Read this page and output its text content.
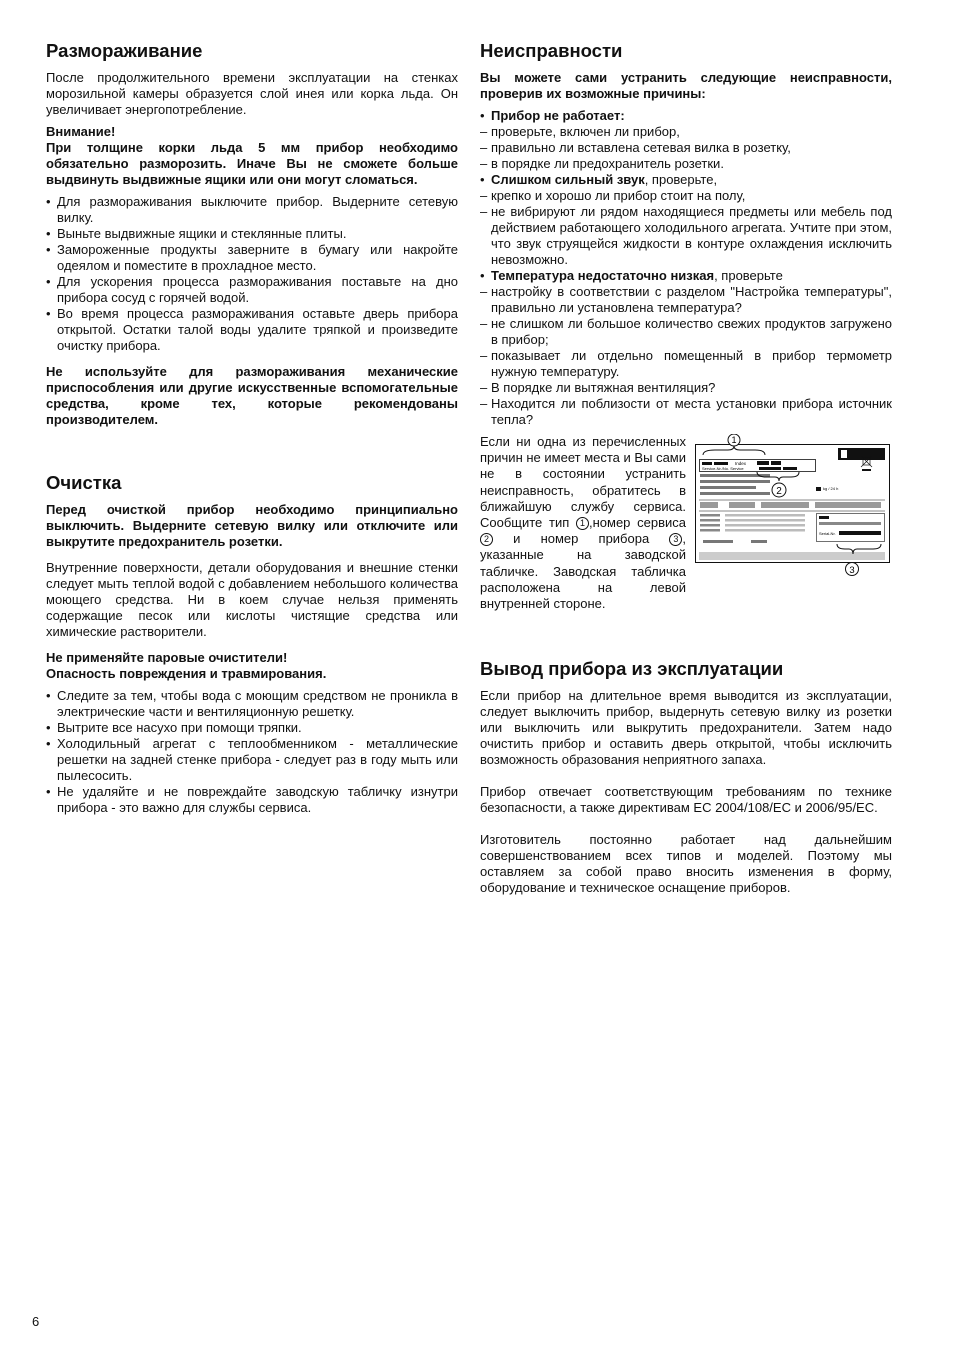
Размораживание

После продолжительного времени эксплуатации на стенках морозильной камеры образуется слой инея или корка льда. Он увеличивает энергопотребление.

Внимание!

При толщине корки льда 5 мм прибор необходимо обязательно разморозить. Иначе Вы не сможете больше выдвинуть выдвижные ящики или они могут сломаться.

• Для размораживания выключите прибор. Выдерните сетевую вилку.
• Выньте выдвижные ящики и стеклянные плиты.
• Замороженные продукты заверните в бумагу или накройте одеялом и поместите в прохладное место.
• Для ускорения процесса размораживания поставьте на дно прибора сосуд с горячей водой.
• Во время процесса размораживания оставьте дверь прибора открытой. Остатки талой воды удалите тряпкой и произведите очистку прибора.

Не используйте для размораживания механические приспособления или другие искусственные вспомогательные средства, кроме тех, которые рекомендованы производителем.

Очистка

Перед очисткой прибор необходимо принципиально выключить. Выдерните сетевую вилку или отключите или выкрутите предохранитель розетки.

Внутренние поверхности, детали оборудования и внешние стенки следует мыть теплой водой с добавлением небольшого количества моющего средства. Ни в коем случае нельзя применять содержащие песок или кислоты чистящие средства или химические растворители.

Не применяйте паровые очистители!

Опасность повреждения и травмирования.

• Следите за тем, чтобы вода с моющим средством не проникла в электрические части и вентиляционную решетку.
• Вытрите все насухо при помощи тряпки.
• Холодильный агрегат с теплообменником - металлические решетки на задней стенке прибора - следует раз в году мыть или пылесосить.
• Не удаляйте и не повреждайте заводскую табличку изнутри прибора - это важно для службы сервиса.
Неисправности

Вы можете сами устранить следующие неисправности, проверив их возможные причины:

• Прибор не работает:
– проверьте, включен ли прибор,
– правильно ли вставлена сетевая вилка в розетку,
– в порядке ли предохранитель розетки.
• Слишком сильный звук, проверьте,
– крепко и хорошо ли прибор стоит на полу,
– не вибрируют ли рядом находящиеся предметы или мебель под действием работающего холодильного агрегата. Учтите при этом, что звук струящейся жидкости в контуре охлаждения исключить невозможно.
• Температура недостаточно низкая, проверьте
– настройку в соответствии с разделом "Настройка температуры", правильно ли установлена температура?
– не слишком ли большое количество свежих продуктов загружено в прибор;
– показывает ли отдельно помещенный в прибор термометр нужную температуру.
– В порядке ли вытяжная вентиляция?
– Находится ли поблизости от места установки прибора источник тепла?
Если ни одна из перечисленных причин не имеет места и Вы сами не в состоянии устранить неисправность, обратитесь в ближайшую службу сервиса. Сообщите тип 1 ,номер сервиса 2 и номер прибора	3 , указанные на заводской табличке. Заводская табличка расположена на левой внутренней стороне.
Index
Service-Nr./No. Service
Serial-Nr.
kg / 24 h
1
2
3
Вывод прибора из эксплуатации

Если прибор на длительное время выводится из эксплуатации, следует выключить прибор, выдернуть сетевую вилку из розетки или выключить или выкрутить предохранители. Затем надо очистить прибор и оставить дверь открытой, чтобы исключить возможность образования неприятного запаха.

Прибор отвечает соответствующим требованиям по технике безопасности, а также директивам ЕС 2004/108/EC и 2006/95/EC.

Изготовитель постоянно работает над дальнейшим совершенствованием всех типов и моделей. Поэтому мы оставляем за собой право вносить изменения в форму, оборудование и техническое оснащение приборов.

6
